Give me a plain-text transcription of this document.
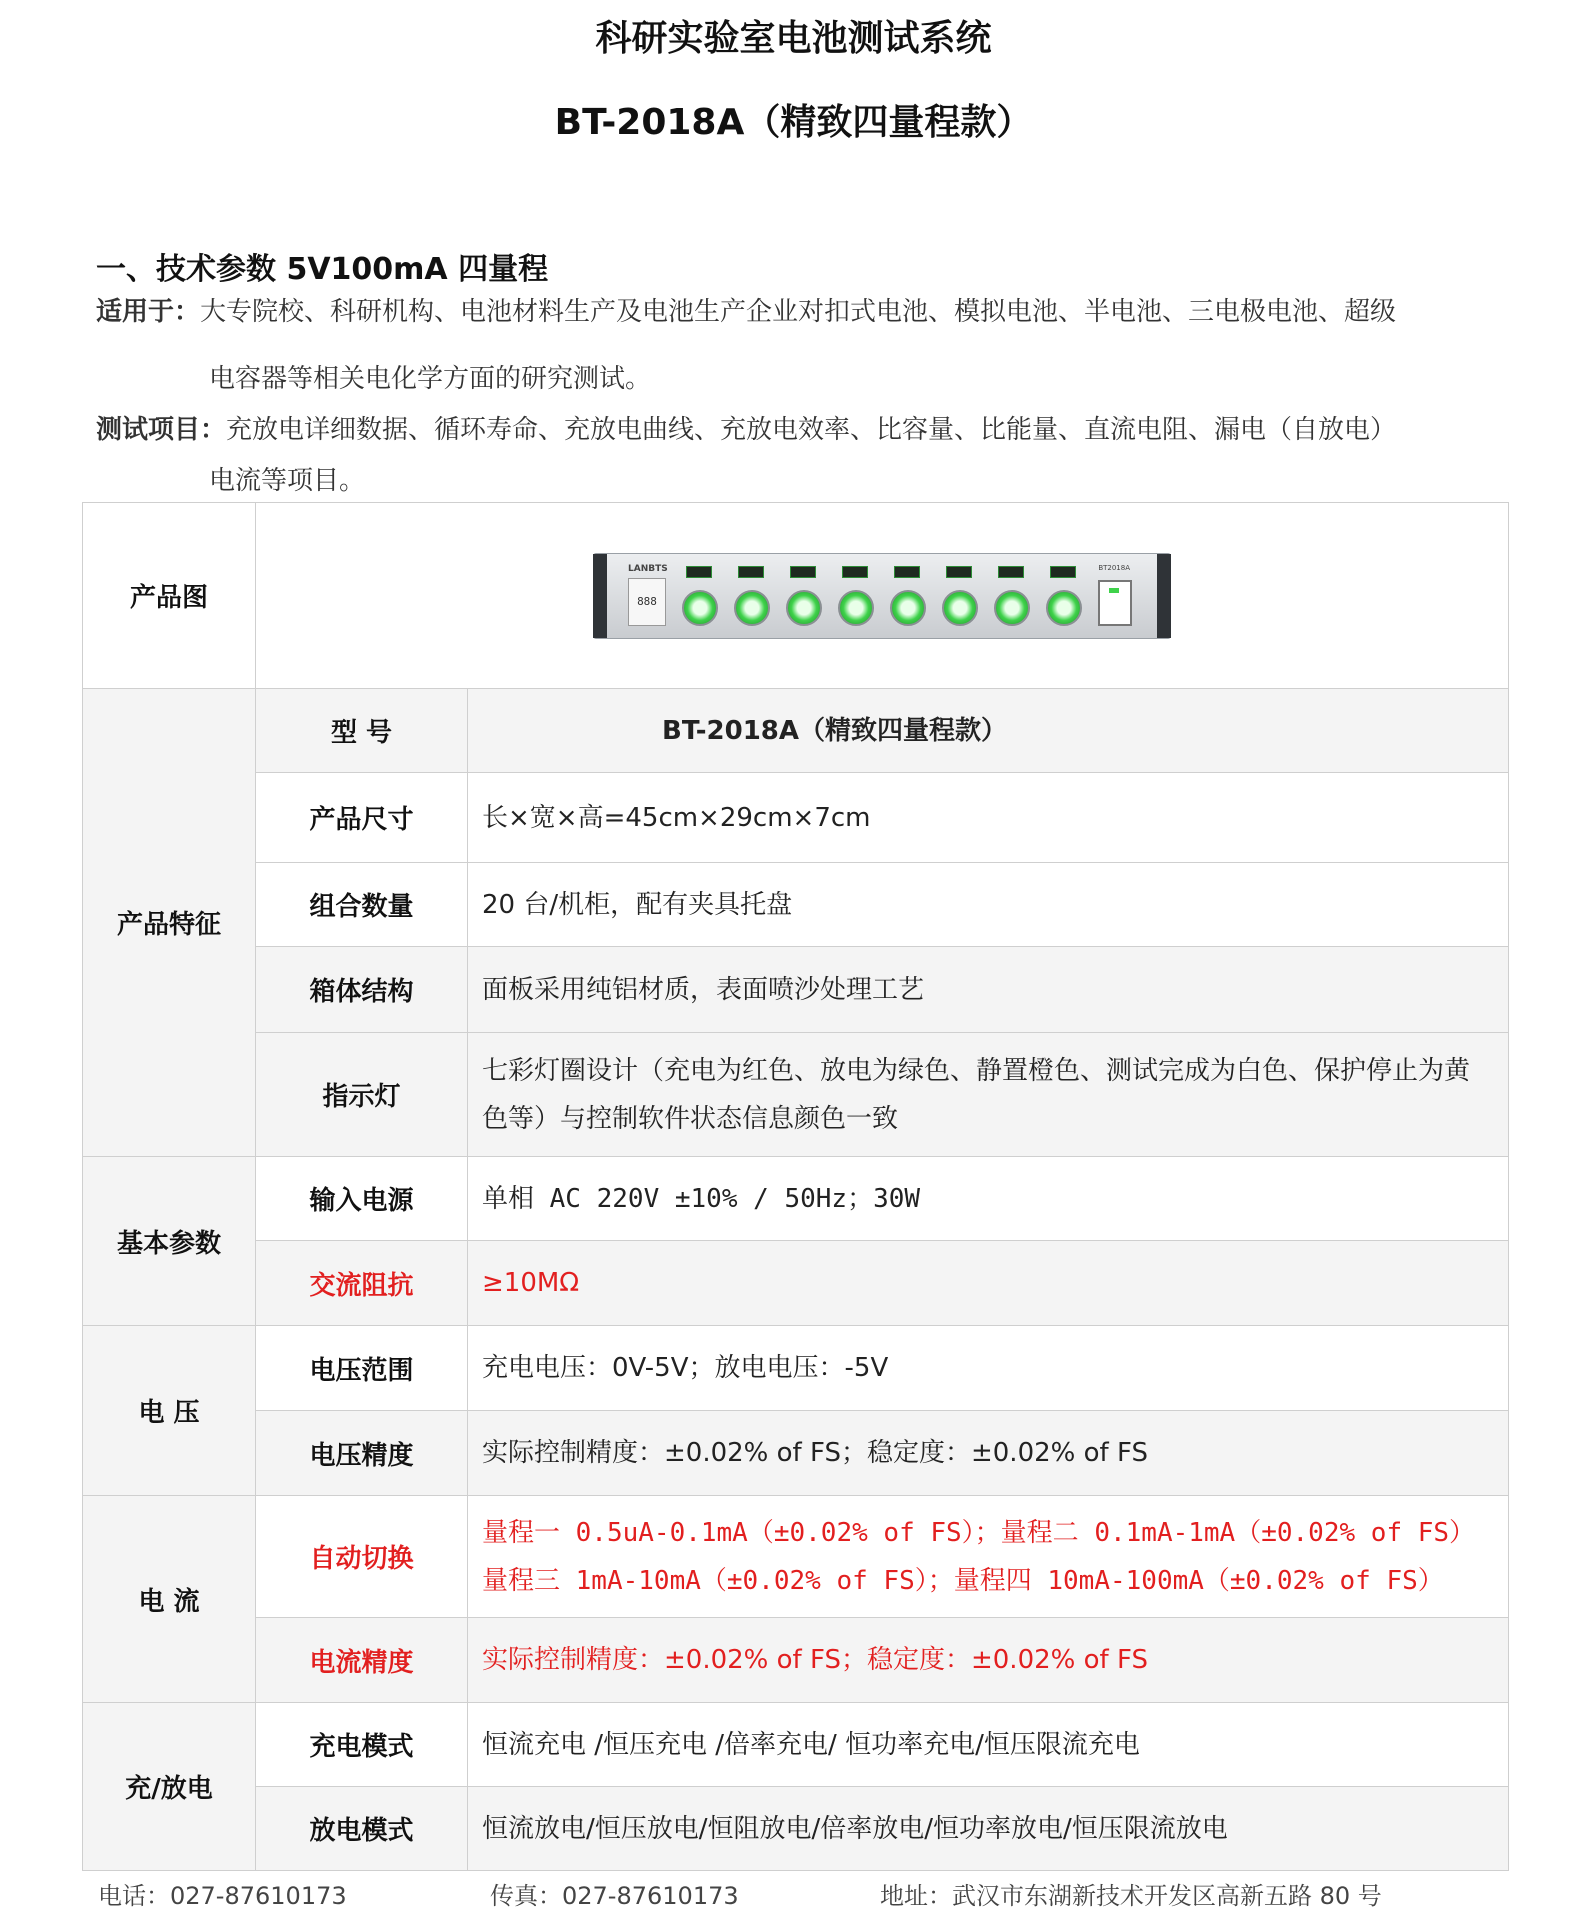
科研实验室电池测试系统
BT-2018A（精致四量程款）
一、技术参数 5V100mA 四量程
适用于：大专院校、科研机构、电池材料生产及电池生产企业对扣式电池、模拟电池、半电池、三电极电池、超级
电容器等相关电化学方面的研究测试。
测试项目：充放电详细数据、循环寿命、充放电曲线、充放电效率、比容量、比能量、直流电阻、漏电（自放电）
电流等项目。
产品图	LANBTS BT2018A
888	

产品特征	型 号	BT-2018A（精致四量程款）
	产品尺寸	长×宽×高=45cm×29cm×7cm
	组合数量	20 台/机柜，配有夹具托盘
	箱体结构	面板采用纯铝材质，表面喷沙处理工艺
	指示灯	七彩灯圈设计（充电为红色、放电为绿色、静置橙色、测试完成为白色、保护停止为黄色等）与控制软件状态信息颜色一致
基本参数	输入电源	单相 AC 220V ±10% / 50Hz；30W
	交流阻抗	≥10MΩ
电 压	电压范围	充电电压：0V-5V；放电电压：-5V
	电压精度	实际控制精度：±0.02% of FS；稳定度：±0.02% of FS
电 流	自动切换	量程一 0.5uA-0.1mA（±0.02% of FS）；量程二 0.1mA-1mA（±0.02% of FS）
量程三 1mA-10mA（±0.02% of FS）；量程四 10mA-100mA（±0.02% of FS）

	电流精度	实际控制精度：±0.02% of FS；稳定度：±0.02% of FS
充/放电	充电模式	恒流充电 /恒压充电 /倍率充电/ 恒功率充电/恒压限流充电
	放电模式	恒流放电/恒压放电/恒阻放电/倍率放电/恒功率放电/恒压限流放电
电话：027-87610173	传真：027-87610173	地址：武汉市东湖新技术开发区高新五路 80 号
